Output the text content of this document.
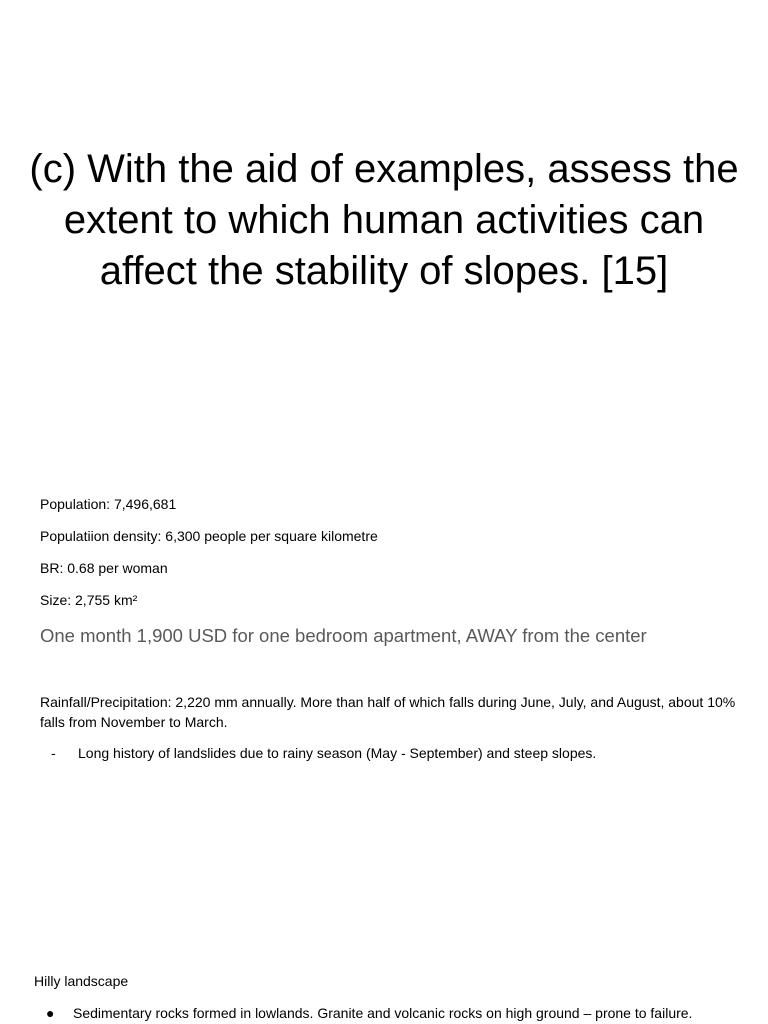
(c) With the aid of examples, assess the extent to which human activities can affect the stability of slopes. [15]

Population: 7,496,681

Populatiion density: 6,300 people per square kilometre

BR: 0.68 per woman

Size: 2,755 km²

One month 1,900 USD for one bedroom apartment, AWAY from the center

Rainfall/Precipitation: 2,220 mm annually. More than half of which falls during June, July, and August, about 10% falls from November to March.

-	Long history of landslides due to rainy season (May - September) and steep slopes.

Hilly landscape

●	Sedimentary rocks formed in lowlands. Granite and volcanic rocks on high ground – prone to failure.
